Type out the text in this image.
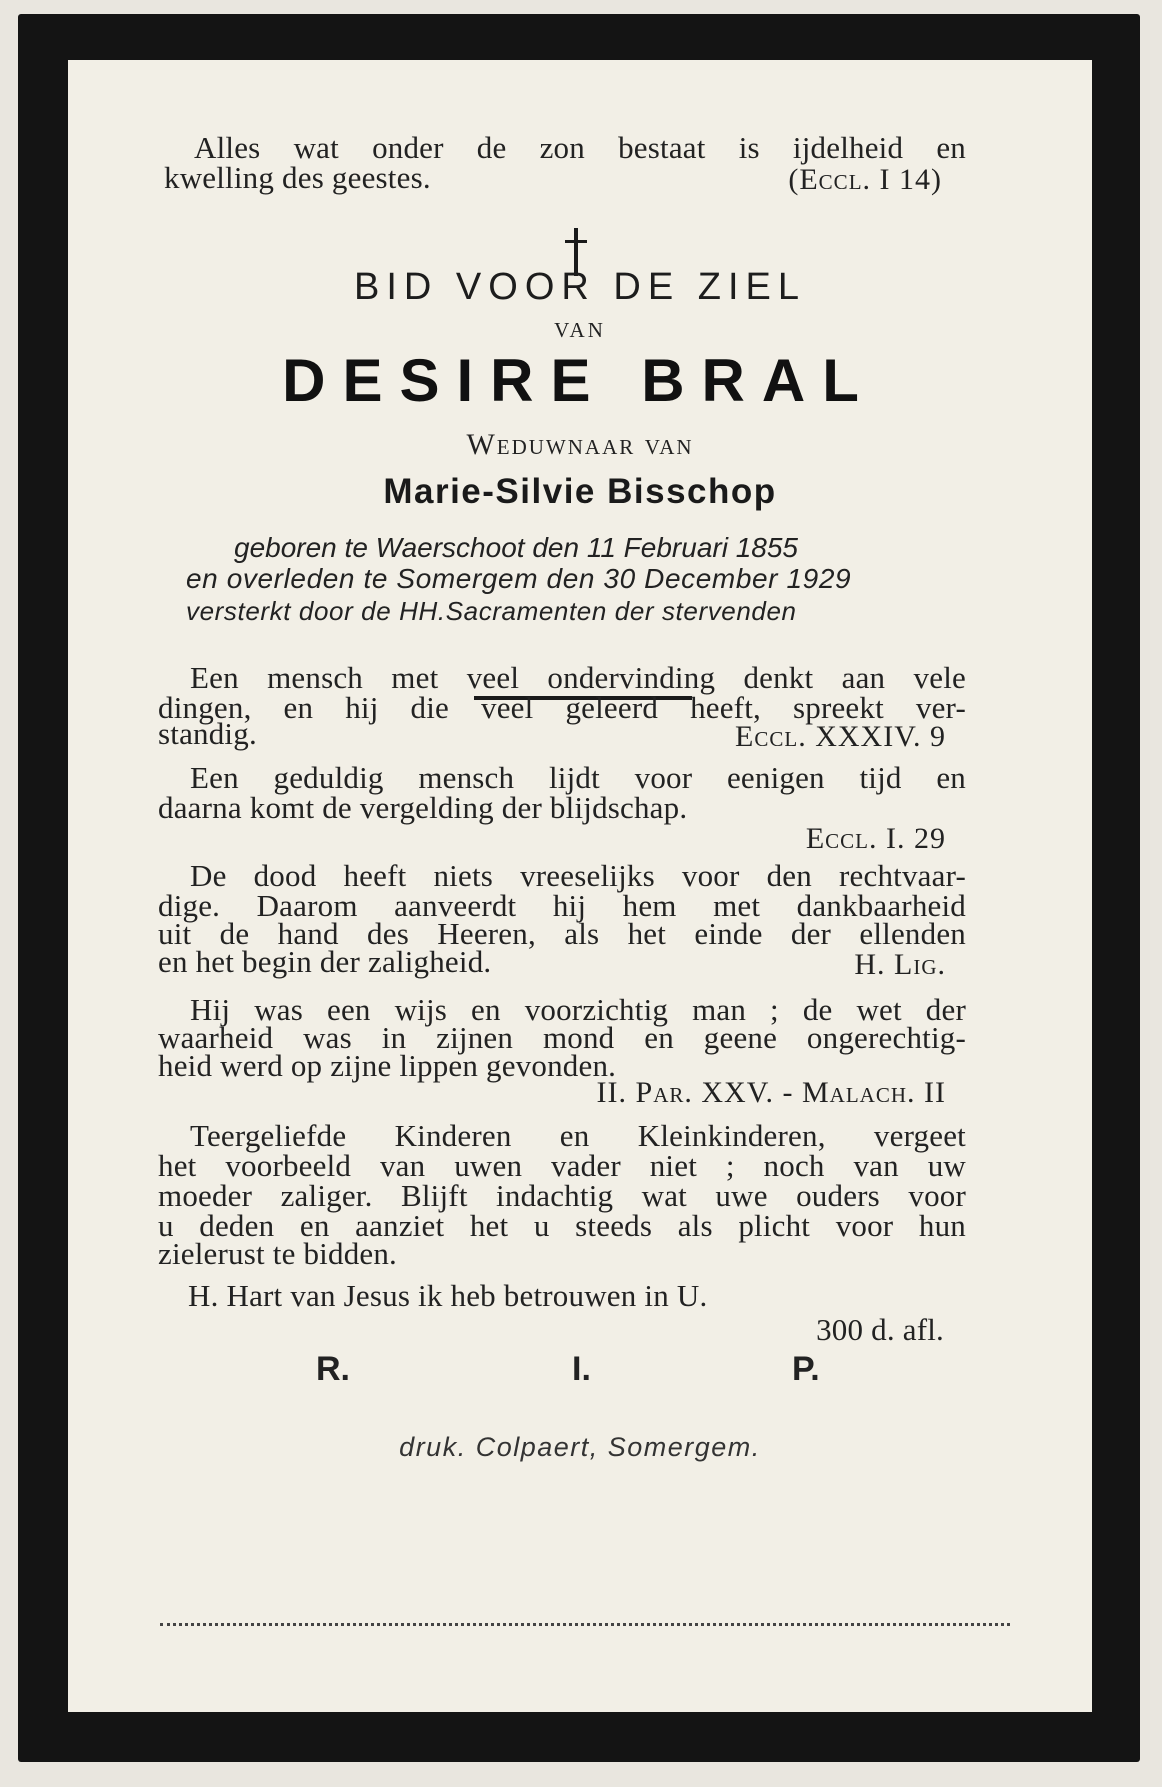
Alles wat onder de zon bestaat is ijdelheid en
kwelling des geestes.	(Eccl. I 14)
BID VOOR DE ZIEL
VAN
DESIRE BRAL
Weduwnaar van
Marie-Silvie Bisschop
geboren te Waerschoot den 11 Februari 1855
en overleden te Somergem den 30 December 1929
versterkt door de HH.Sacramenten der stervenden
Een mensch met veel ondervinding denkt aan vele
dingen, en hij die veel geleerd heeft, spreekt ver-
standig.	Eccl. XXXIV. 9
Een geduldig mensch lijdt voor eenigen tijd en
daarna komt de vergelding der blijdschap.
Eccl. I. 29
De dood heeft niets vreeselijks voor den rechtvaar-
dige. Daarom aanveerdt hij hem met dankbaarheid
uit de hand des Heeren, als het einde der ellenden
en het begin der zaligheid.	H. Lig.
Hij was een wijs en voorzichtig man ; de wet der
waarheid was in zijnen mond en geene ongerechtig-
heid werd op zijne lippen gevonden.
II. Par. XXV. - Malach. II
Teergeliefde Kinderen en Kleinkinderen, vergeet
het voorbeeld van uwen vader niet ; noch van uw
moeder zaliger. Blijft indachtig wat uwe ouders voor
u deden en aanziet het u steeds als plicht voor hun
zielerust te bidden.
H. Hart van Jesus ik heb betrouwen in U.
300 d. afl.
R.	I.	P.
druk. Colpaert, Somergem.
